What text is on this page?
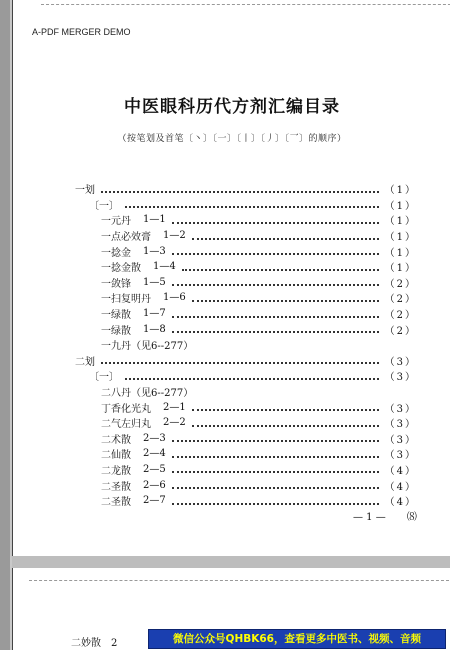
A-PDF MERGER DEMO
中医眼科历代方剂汇编目录
（按笔划及首笔〔丶〕〔一〕〔丨〕〔丿〕〔乛〕的顺序）
一划	（1）
〔一〕	（1）
一元丹 1—1	（1）
一点必效膏 1—2	（1）
一捻金 1—3	（1）
一捻金散 1—4	（1）
一敛锋 1—5	（2）
一扫复明丹 1—6	（2）
一绿散 1—7	（2）
一绿散 1—8	（2）
一九丹（见6--277）
二划	（3）
〔一〕	（3）
二八丹（见6--277）
丁香化光丸 2—1	（3）
二气左归丸 2—2	（3）
二术散 2—3	（3）
二仙散 2—4	（3）
二龙散 2—5	（4）
二圣散 2—6	（4）
二圣散 2—7	（4）
— 1 — ⑻
二妙散　2	微信公众号QHBK66，查看更多中医书、视频、音频
